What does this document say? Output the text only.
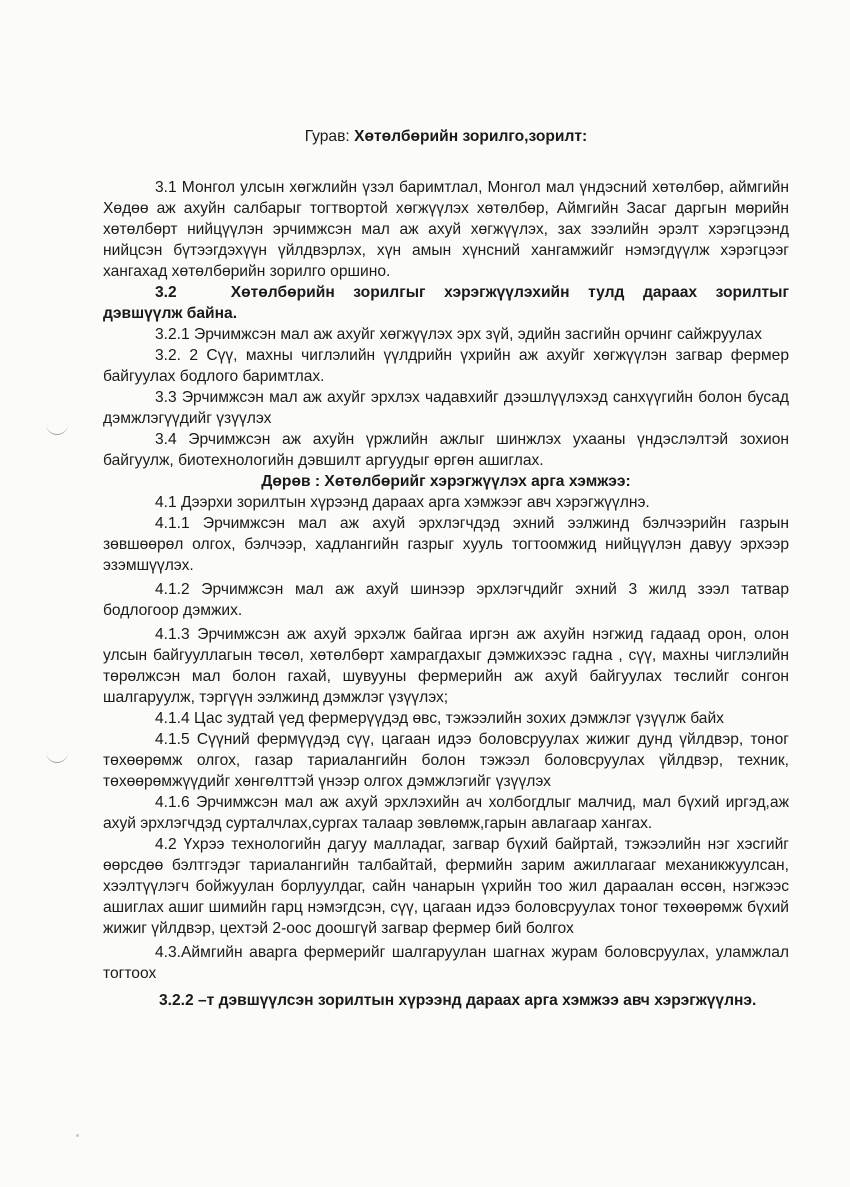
Гурав: Хөтөлбөрийн зорилго,зорилт:

3.1 Монгол улсын хөгжлийн үзэл баримтлал, Монгол мал үндэсний хөтөлбөр, аймгийн Хөдөө аж ахуйн салбарыг тогтвортой хөгжүүлэх хөтөлбөр, Аймгийн Засаг даргын мөрийн хөтөлбөрт нийцүүлэн эрчимжсэн мал аж ахуй хөгжүүлэх, зах зээлийн эрэлт хэрэгцээнд нийцсэн бүтээгдэхүүн үйлдвэрлэх, хүн амын хүнсний хангамжийг нэмэгдүүлж хэрэгцээг хангахад хөтөлбөрийн зорилго оршино.

3.2	Хөтөлбөрийн зорилгыг хэрэгжүүлэхийн тулд дараах зорилтыг дэвшүүлж байна.

3.2.1 Эрчимжсэн мал аж ахуйг хөгжүүлэх эрх зүй, эдийн засгийн орчинг сайжруулах

3.2. 2 Сүү, махны чиглэлийн үүлдрийн үхрийн аж ахуйг хөгжүүлэн загвар фермер байгуулах бодлого баримтлах.

3.3 Эрчимжсэн мал аж ахуйг эрхлэх чадавхийг дээшлүүлэхэд санхүүгийн болон бусад дэмжлэгүүдийг үзүүлэх

3.4 Эрчимжсэн аж ахуйн үржлийн ажлыг шинжлэх ухааны үндэслэлтэй зохион байгуулж, биотехнологийн дэвшилт аргуудыг өргөн ашиглах.

Дөрөв : Хөтөлбөрийг хэрэгжүүлэх арга хэмжээ:

4.1 Дээрхи зорилтын хүрээнд дараах арга хэмжээг авч хэрэгжүүлнэ.

4.1.1 Эрчимжсэн мал аж ахуй эрхлэгчдэд эхний ээлжинд бэлчээрийн газрын зөвшөөрөл олгох, бэлчээр, хадлангийн газрыг хууль тогтоомжид нийцүүлэн давуу эрхээр эзэмшүүлэх.

4.1.2 Эрчимжсэн мал аж ахуй шинээр эрхлэгчдийг эхний 3 жилд зээл татвар бодлогоор дэмжих.

4.1.3 Эрчимжсэн аж ахуй эрхэлж байгаа иргэн аж ахуйн нэгжид гадаад орон, олон улсын байгууллагын төсөл, хөтөлбөрт хамрагдахыг дэмжихээс гадна , сүү, махны чиглэлийн төрөлжсэн мал болон гахай, шувууны фермерийн аж ахуй байгуулах төслийг сонгон шалгаруулж, тэргүүн ээлжинд дэмжлэг үзүүлэх;

4.1.4 Цас зудтай үед фермерүүдэд өвс, тэжээлийн зохих дэмжлэг үзүүлж байх

4.1.5 Сүүний фермүүдэд сүү, цагаан идээ боловсруулах жижиг дунд үйлдвэр, тоног төхөөрөмж олгох, газар тариалангийн болон тэжээл боловсруулах үйлдвэр, техник, төхөөрөмжүүдийг хөнгөлттэй үнээр олгох дэмжлэгийг үзүүлэх

4.1.6 Эрчимжсэн мал аж ахуй эрхлэхийн ач холбогдлыг малчид, мал бүхий иргэд,аж ахуй эрхлэгчдэд сурталчлах,сургах талаар зөвлөмж,гарын авлагаар хангах.

4.2 Үхрээ технологийн дагуу малладаг, загвар бүхий байртай, тэжээлийн нэг хэсгийг өөрсдөө бэлтгэдэг тариалангийн талбайтай, фермийн зарим ажиллагааг механикжуулсан, хээлтүүлэгч бойжуулан борлуулдаг, сайн чанарын үхрийн тоо жил дараалан өссөн, нэгжээс ашиглах ашиг шимийн гарц нэмэгдсэн, сүү, цагаан идээ боловсруулах тоног төхөөрөмж бүхий жижиг үйлдвэр, цехтэй 2-оос доошгүй загвар фермер бий болгох

4.3.Аймгийн аварга фермерийг шалгаруулан шагнах журам боловсруулах, уламжлал тогтоох

3.2.2 –т дэвшүүлсэн зорилтын хүрээнд дараах арга хэмжээ авч хэрэгжүүлнэ.
